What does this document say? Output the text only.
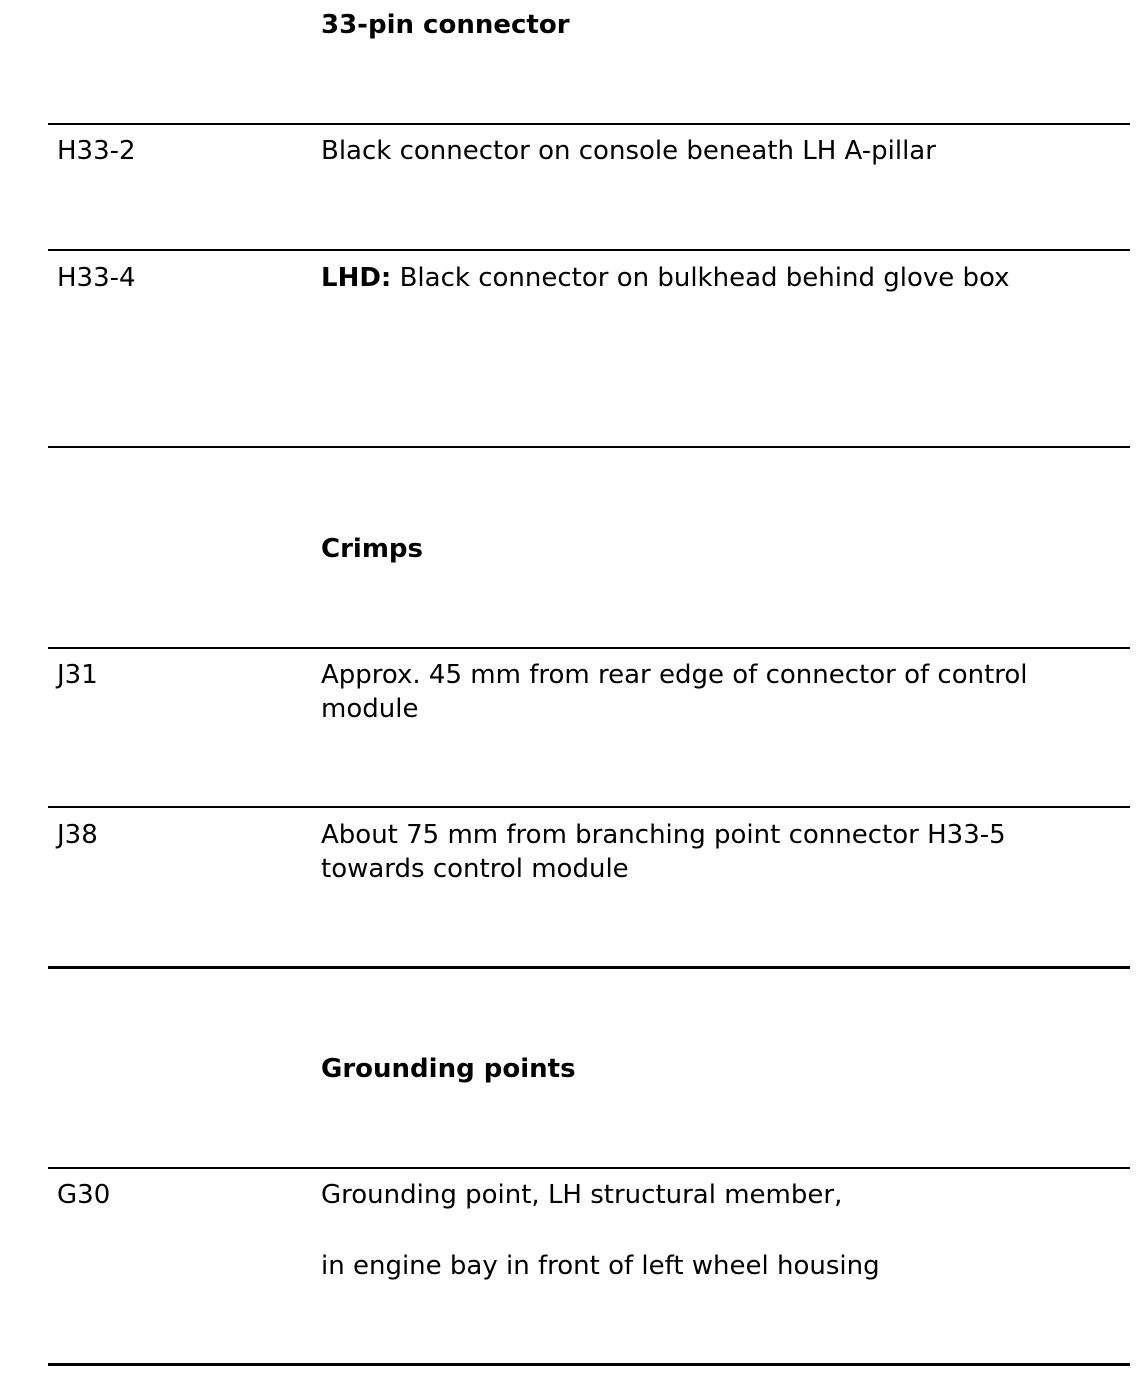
33-pin connector
H33-2	Black connector on console beneath LH A-pillar
H33-4	LHD: Black connector on bulkhead behind glove box
Crimps
J31	Approx. 45 mm from rear edge of connector of control module
J38	About 75 mm from branching point connector H33-5 towards control module
Grounding points
G30	Grounding point, LH structural member,
in engine bay in front of left wheel housing
